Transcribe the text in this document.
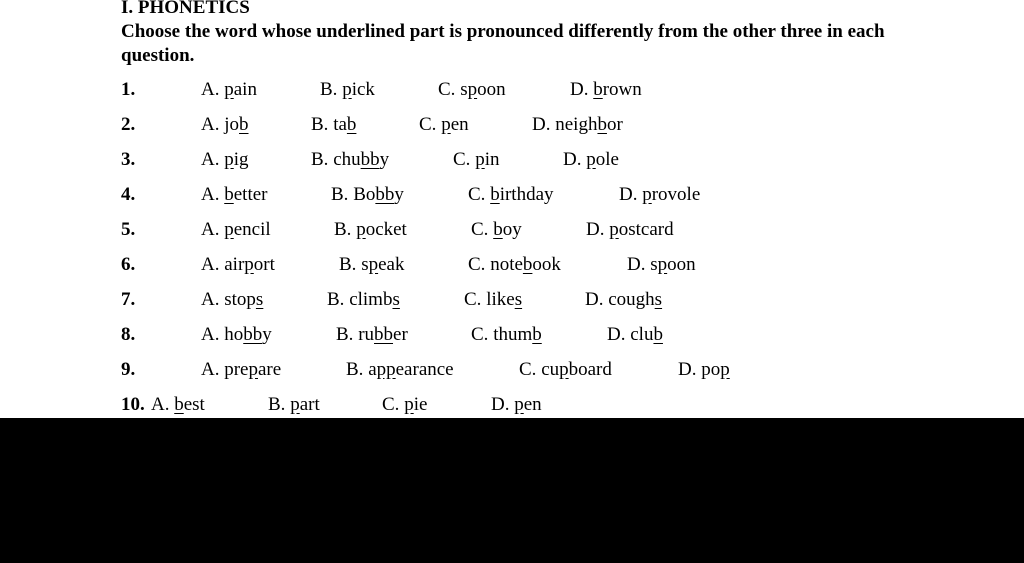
I. PHONETICS
Choose the word whose underlined part is pronounced differently from the other three in each question.
1.	A. pain	B. pick	C. spoon	D. brown
2.	A. job	B. tab	C. pen	D. neighbor
3.	A. pig	B. chubby	C. pin	D. pole
4.	A. better	B. Bobby	C. birthday	D. provole
5.	A. pencil	B. pocket	C. boy	D. postcard
6.	A. airport	B. speak	C. notebook	D. spoon
7.	A. stops	B. climbs	C. likes	D. coughs
8.	A. hobby	B. rubber	C. thumb	D. club
9.	A. prepare	B. appearance	C. cupboard	D. pop
10. A. best	B. part	C. pie	D. pen
